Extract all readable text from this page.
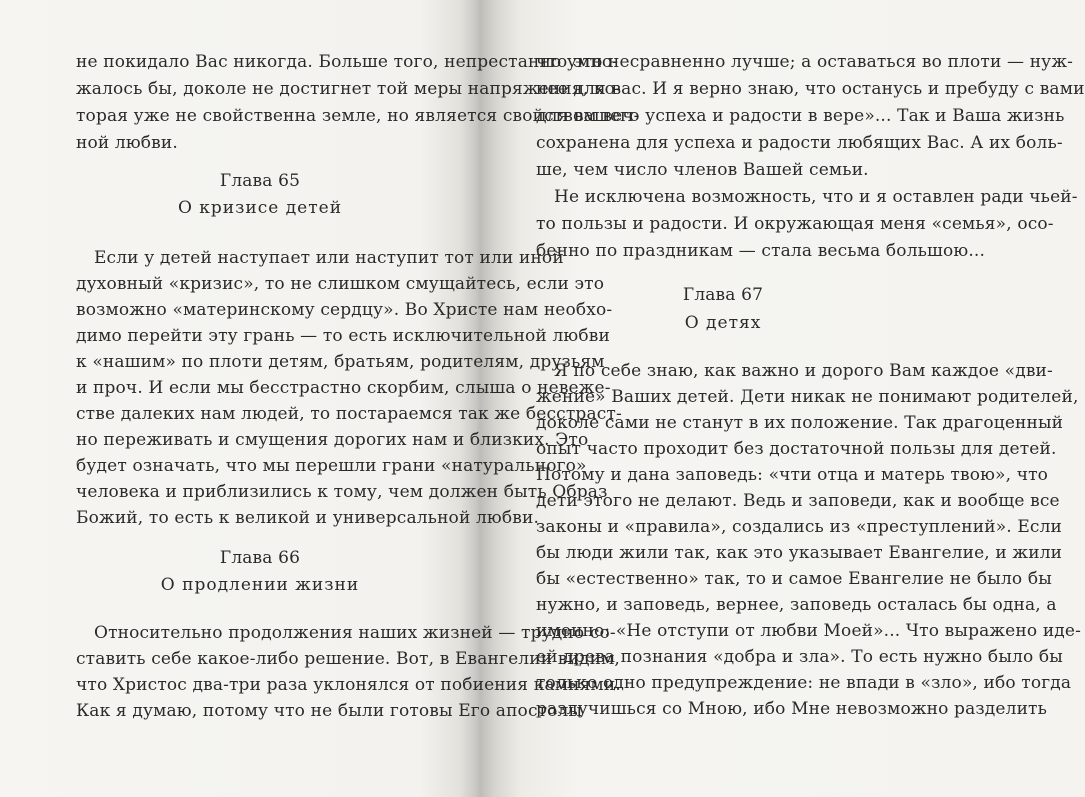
не покидало Вас никогда. Больше того, непрестанно умно-
жалось бы, доколе не достигнет той меры напряжения, ко-
торая уже не свойственна земле, но является свойством веч-
ной любви.
Глава 65
О кризисе детей
Если у детей наступает или наступит тот или иной
духовный «кризис», то не слишком смущайтесь, если это
возможно «материнскому сердцу». Во Христе нам необхо-
димо перейти эту грань — то есть исключительной любви
к «нашим» по плоти детям, братьям, родителям, друзьям
и проч. И если мы бесстрастно скорбим, слыша о невеже-
стве далеких нам людей, то постараемся так же бесстраст-
но переживать и смущения дорогих нам и близких. Это
будет означать, что мы перешли грани «натурального»
человека и приблизились к тому, чем должен быть Образ
Божий, то есть к великой и универсальной любви.
Глава 66
О продлении жизни
Относительно продолжения наших жизней — трудно со-
ставить себе какое-либо решение. Вот, в Евангелии видим,
что Христос два-три раза уклонялся от побиения камнями.
Как я думаю, потому что не были готовы Его апостолы
что это несравненно лучше; а оставаться во плоти — нуж-
нее для вас. И я верно знаю, что останусь и пребуду с вами
для вашего успеха и радости в вере»... Так и Ваша жизнь
сохранена для успеха и радости любящих Вас. А их боль-
ше, чем число членов Вашей семьи.
Не исключена возможность, что и я оставлен ради чьей-
то пользы и радости. И окружающая меня «семья», осо-
бенно по праздникам — стала весьма большою...
Глава 67
О детях
Я по себе знаю, как важно и дорого Вам каждое «дви-
жение» Ваших детей. Дети никак не понимают родителей,
доколе сами не станут в их положение. Так драгоценный
опыт часто проходит без достаточной пользы для детей.
Потому и дана заповедь: «чти отца и матерь твою», что
дети этого не делают. Ведь и заповеди, как и вообще все
законы и «правила», создались из «преступлений». Если
бы люди жили так, как это указывает Евангелие, и жили
бы «естественно» так, то и самое Евангелие не было бы
нужно, и заповедь, вернее, заповедь осталась бы одна, а
именно: «Не отступи от любви Моей»... Что выражено иде-
ей древа познания «добра и зла». То есть нужно было бы
только одно предупреждение: не впади в «зло», ибо тогда
разлучишься со Мною, ибо Мне невозможно разделить
